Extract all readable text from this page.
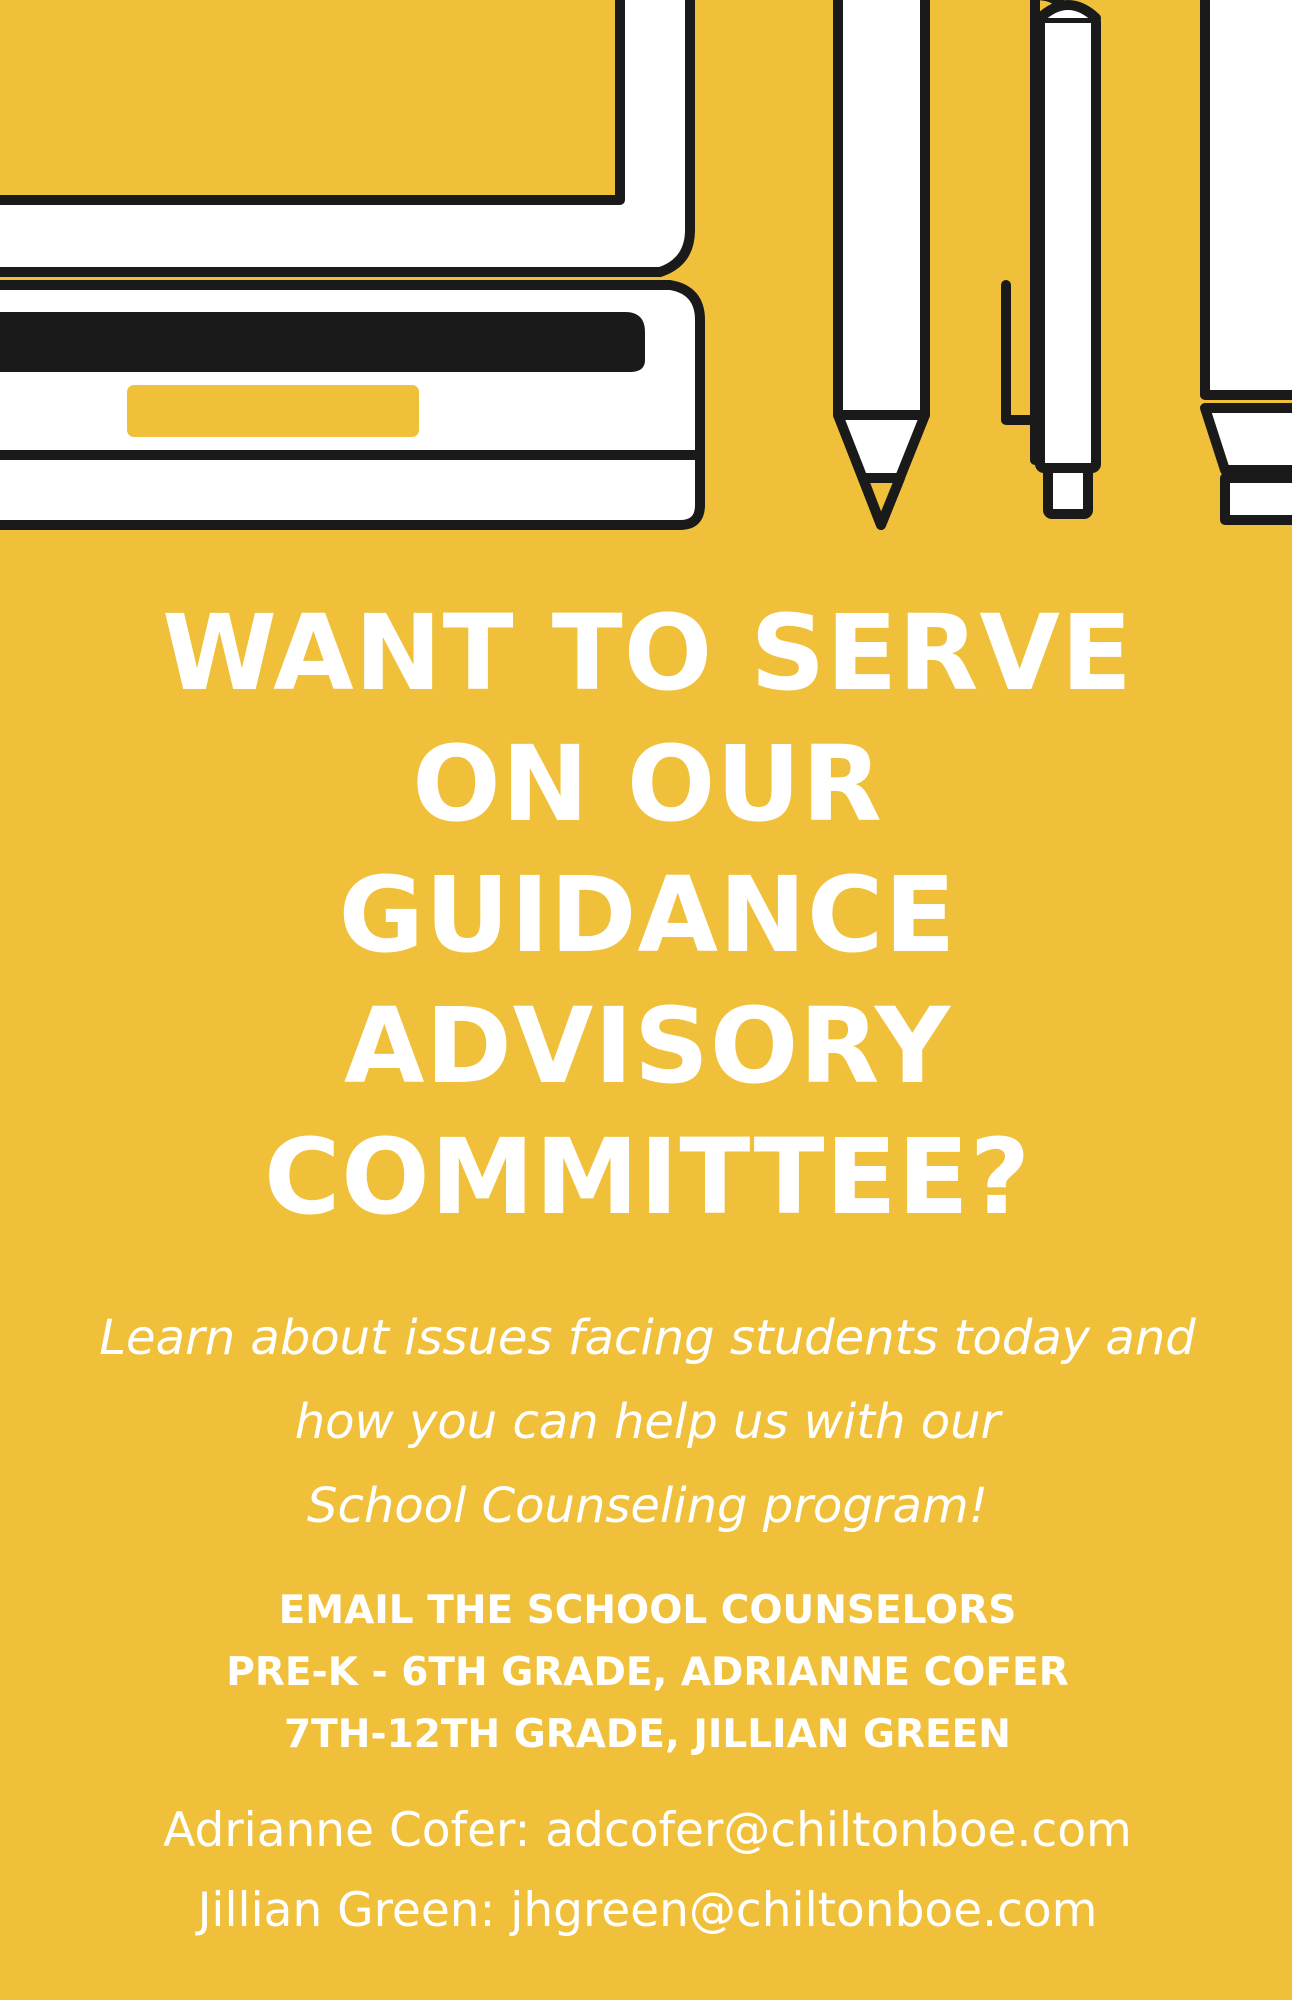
WANT TO SERVE
ON OUR
GUIDANCE
ADVISORY
COMMITTEE?
Learn about issues facing students today and
how you can help us with our
School Counseling program!
EMAIL THE SCHOOL COUNSELORS
PRE-K - 6TH GRADE, ADRIANNE COFER
7TH-12TH GRADE, JILLIAN GREEN
Adrianne Cofer: adcofer@chiltonboe.com
Jillian Green: jhgreen@chiltonboe.com
